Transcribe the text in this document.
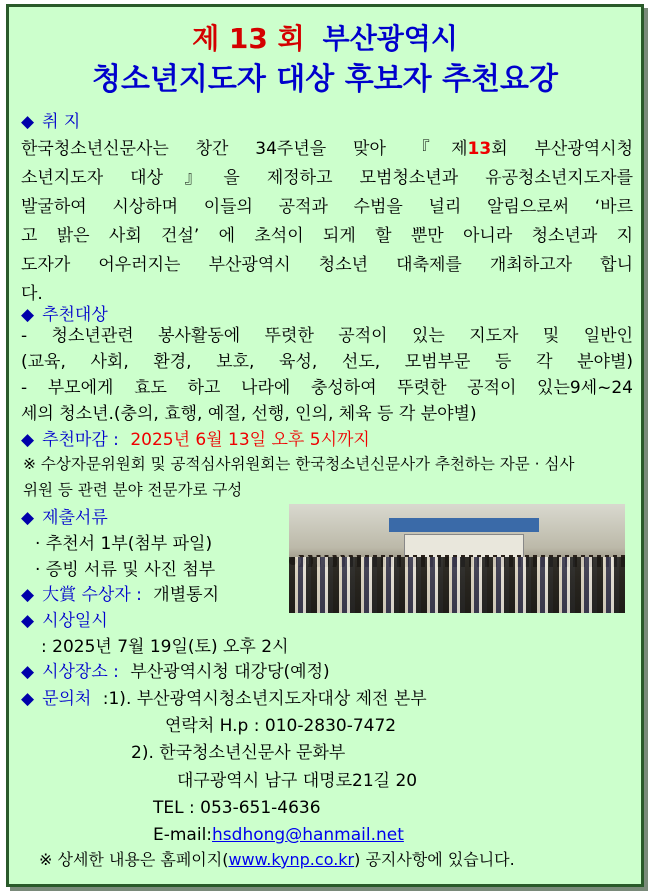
제 13 회 부산광역시
청소년지도자 대상 후보자 추천요강
◆ 취 지
한국청소년신문사는 창간 34주년을 맞아 『제13회 부산광역시청
소년지도자 대상』을 제정하고 모범청소년과 유공청소년지도자를
발굴하여 시상하며 이들의 공적과 수범을 널리 알림으로써 ‘바르
고 밝은 사회 건설’ 에 초석이 되게 할 뿐만 아니라 청소년과 지
도자가 어우러지는 부산광역시 청소년 대축제를 개최하고자 합니
다.
◆ 추천대상
- 청소년관련 봉사활동에 뚜렷한 공적이 있는 지도자 및 일반인
(교육, 사회, 환경, 보호, 육성, 선도, 모범부문 등 각 분야별)
- 부모에게 효도 하고 나라에 충성하여 뚜렷한 공적이 있는9세~24
세의 청소년.(충의, 효행, 예절, 선행, 인의, 체육 등 각 분야별)
◆ 추천마감 : 2025년 6월 13일 오후 5시까지
※ 수상자문위원회 및 공적심사위원회는 한국청소년신문사가 추천하는 자문 · 심사
위원 등 관련 분야 전문가로 구성
◆ 제출서류
· 추천서 1부(첨부 파일)
· 증빙 서류 및 사진 첨부
◆ 大賞 수상자 : 개별통지
◆ 시상일시
: 2025년 7월 19일(토) 오후 2시
◆ 시상장소 : 부산광역시청 대강당(예정)
◆ 문의처 :1). 부산광역시청소년지도자대상 제전 본부
연락처 H.p : 010-2830-7472
2). 한국청소년신문사 문화부
대구광역시 남구 대명로21길 20
TEL : 053-651-4636
E-mail:hsdhong@hanmail.net
※ 상세한 내용은 홈페이지(www.kynp.co.kr) 공지사항에 있습니다.
